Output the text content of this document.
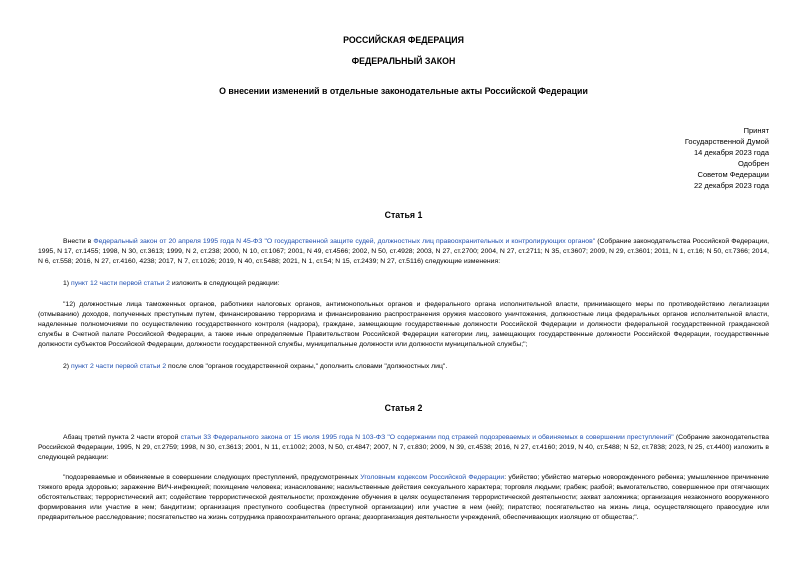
РОССИЙСКАЯ ФЕДЕРАЦИЯ
ФЕДЕРАЛЬНЫЙ ЗАКОН
О внесении изменений в отдельные законодательные акты Российской Федерации
Принят
Государственной Думой
14 декабря 2023 года
Одобрен
Советом Федерации
22 декабря 2023 года
Статья 1
Внести в Федеральный закон от 20 апреля 1995 года N 45-ФЗ "О государственной защите судей, должностных лиц правоохранительных и контролирующих органов" (Собрание законодательства Российской Федерации, 1995, N 17, ст.1455; 1998, N 30, ст.3613; 1999, N 2, ст.238; 2000, N 10, ст.1067; 2001, N 49, ст.4566; 2002, N 50, ст.4928; 2003, N 27, ст.2700; 2004, N 27, ст.2711; N 35, ст.3607; 2009, N 29, ст.3601; 2011, N 1, ст.16; N 50, ст.7366; 2014, N 6, ст.558; 2016, N 27, ст.4160, 4238; 2017, N 7, ст.1026; 2019, N 40, ст.5488; 2021, N 1, ст.54; N 15, ст.2439; N 27, ст.5116) следующие изменения:
1) пункт 12 части первой статьи 2 изложить в следующей редакции:
"12) должностные лица таможенных органов, работники налоговых органов, антимонопольных органов и федерального органа исполнительной власти, принимающего меры по противодействию легализации (отмыванию) доходов, полученных преступным путем, финансированию терроризма и финансированию распространения оружия массового уничтожения, должностные лица федеральных органов исполнительной власти, наделенные полномочиями по осуществлению государственного контроля (надзора), граждане, замещающие государственные должности Российской Федерации и должности федеральной государственной гражданской службы в Счетной палате Российской Федерации, а также иные определяемые Правительством Российской Федерации категории лиц, замещающих государственные должности Российской Федерации, государственные должности субъектов Российской Федерации, должности государственной службы, муниципальные должности или должности муниципальной службы;";
2) пункт 2 части первой статьи 2 после слов "органов государственной охраны," дополнить словами "должностных лиц".
Статья 2
Абзац третий пункта 2 части второй статьи 33 Федерального закона от 15 июля 1995 года N 103-ФЗ "О содержании под стражей подозреваемых и обвиняемых в совершении преступлений" (Собрание законодательства Российской Федерации, 1995, N 29, ст.2759; 1998, N 30, ст.3613; 2001, N 11, ст.1002; 2003, N 50, ст.4847; 2007, N 7, ст.830; 2009, N 39, ст.4538; 2016, N 27, ст.4160; 2019, N 40, ст.5488; N 52, ст.7838; 2023, N 25, ст.4400) изложить в следующей редакции:
"подозреваемые и обвиняемые в совершении следующих преступлений, предусмотренных Уголовным кодексом Российской Федерации: убийство; убийство матерью новорожденного ребенка; умышленное причинение тяжкого вреда здоровью; заражение ВИЧ-инфекцией; похищение человека; изнасилование; насильственные действия сексуального характера; торговля людьми; грабеж; разбой; вымогательство, совершенное при отягчающих обстоятельствах; террористический акт; содействие террористической деятельности; прохождение обучения в целях осуществления террористической деятельности; захват заложника; организация незаконного вооруженного формирования или участие в нем; бандитизм; организация преступного сообщества (преступной организации) или участие в нем (ней); пиратство; посягательство на жизнь лица, осуществляющего правосудие или предварительное расследование; посягательство на жизнь сотрудника правоохранительного органа; дезорганизация деятельности учреждений, обеспечивающих изоляцию от общества;".
